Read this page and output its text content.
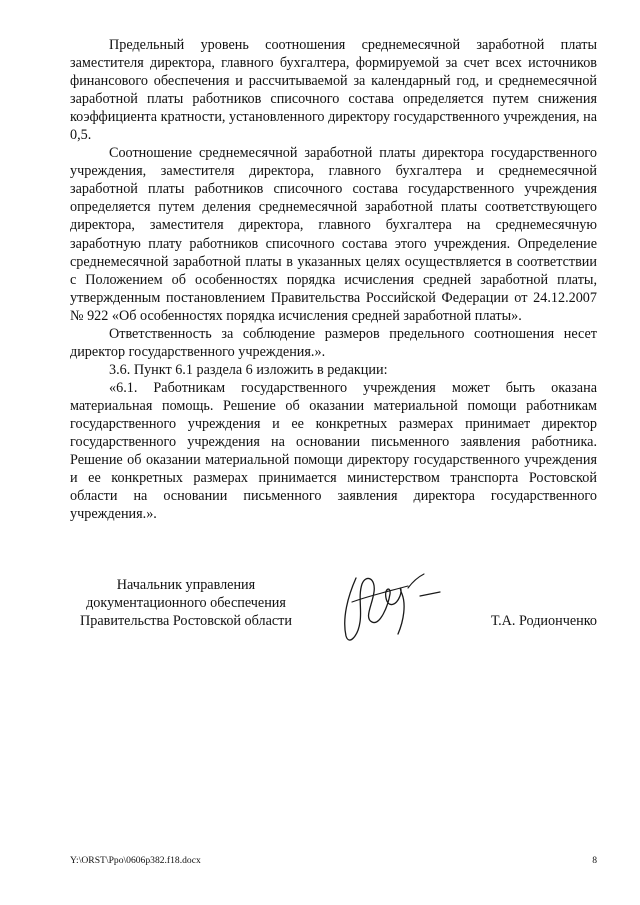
Предельный уровень соотношения среднемесячной заработной платы заместителя директора, главного бухгалтера, формируемой за счет всех источников финансового обеспечения и рассчитываемой за календарный год, и среднемесячной заработной платы работников списочного состава определяется путем снижения коэффициента кратности, установленного директору государственного учреждения, на 0,5.

Соотношение среднемесячной заработной платы директора государственного учреждения, заместителя директора, главного бухгалтера и среднемесячной заработной платы работников списочного состава государственного учреждения определяется путем деления среднемесячной заработной платы соответствующего директора, заместителя директора, главного бухгалтера на среднемесячную заработную плату работников списочного состава этого учреждения. Определение среднемесячной заработной платы в указанных целях осуществляется в соответствии с Положением об особенностях порядка исчисления средней заработной платы, утвержденным постановлением Правительства Российской Федерации от 24.12.2007 № 922 «Об особенностях порядка исчисления средней заработной платы».

Ответственность за соблюдение размеров предельного соотношения несет директор государственного учреждения.».

3.6. Пункт 6.1 раздела 6 изложить в редакции:

«6.1. Работникам государственного учреждения может быть оказана материальная помощь. Решение об оказании материальной помощи работникам государственного учреждения и ее конкретных размерах принимает директор государственного учреждения на основании письменного заявления работника. Решение об оказании материальной помощи директору государственного учреждения и ее конкретных размерах принимается министерством транспорта Ростовской области на основании письменного заявления директора государственного учреждения.».

Начальник управления
документационного обеспечения
Правительства Ростовской области	Т.А. Родионченко
Y:\ORST\Ppo\0606p382.f18.docx	8
